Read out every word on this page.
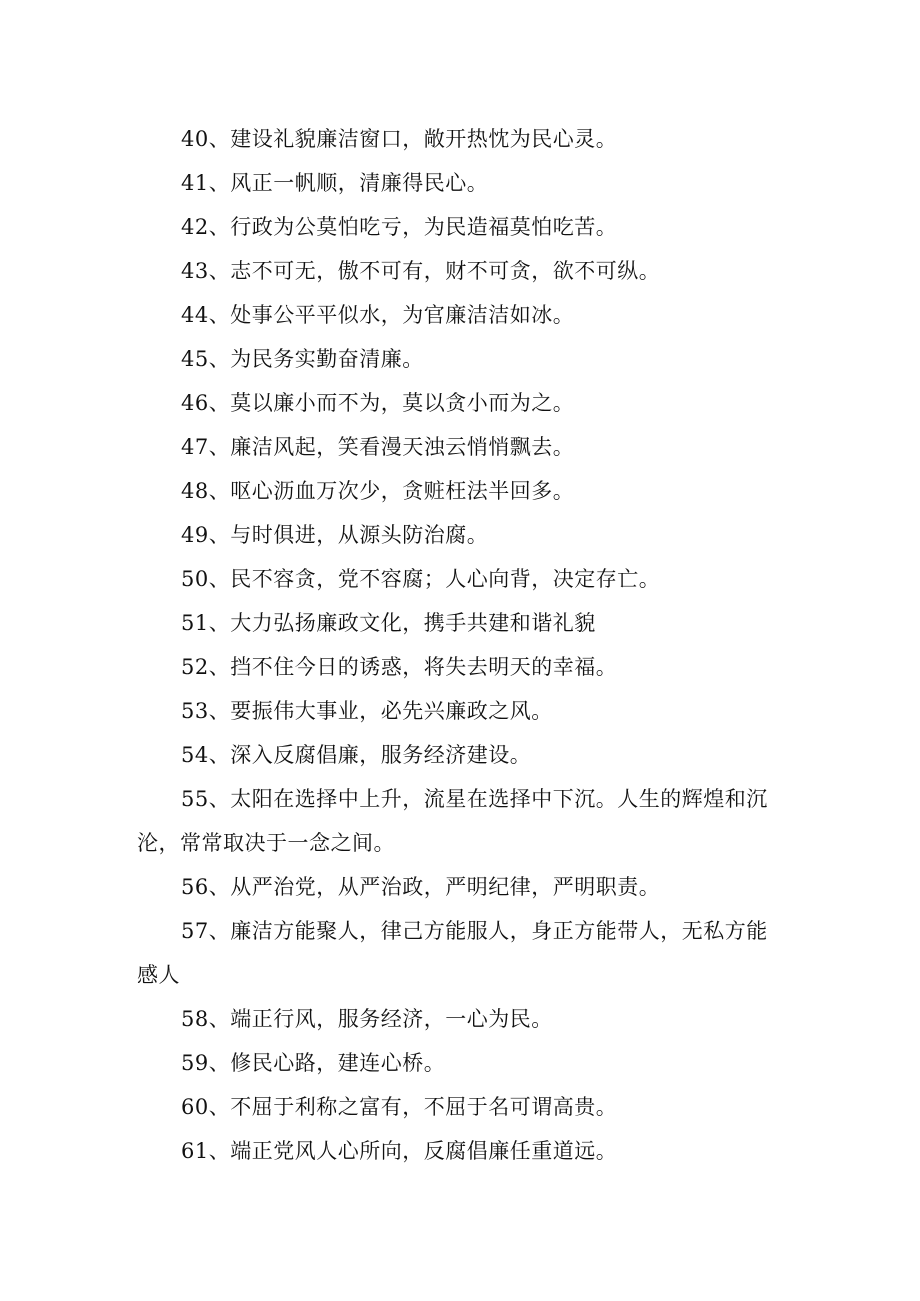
40、建设礼貌廉洁窗口，敞开热忱为民心灵。

41、风正一帆顺，清廉得民心。

42、行政为公莫怕吃亏，为民造福莫怕吃苦。

43、志不可无，傲不可有，财不可贪，欲不可纵。

44、处事公平平似水，为官廉洁洁如冰。

45、为民务实勤奋清廉。

46、莫以廉小而不为，莫以贪小而为之。

47、廉洁风起，笑看漫天浊云悄悄飘去。

48、呕心沥血万次少，贪赃枉法半回多。

49、与时俱进，从源头防治腐。

50、民不容贪，党不容腐；人心向背，决定存亡。

51、大力弘扬廉政文化，携手共建和谐礼貌

52、挡不住今日的诱惑，将失去明天的幸福。

53、要振伟大事业，必先兴廉政之风。

54、深入反腐倡廉，服务经济建设。

55、太阳在选择中上升，流星在选择中下沉。人生的辉煌和沉沦，常常取决于一念之间。

56、从严治党，从严治政，严明纪律，严明职责。

57、廉洁方能聚人，律己方能服人，身正方能带人，无私方能感人

58、端正行风，服务经济，一心为民。

59、修民心路，建连心桥。

60、不屈于利称之富有，不屈于名可谓高贵。

61、端正党风人心所向，反腐倡廉任重道远。
